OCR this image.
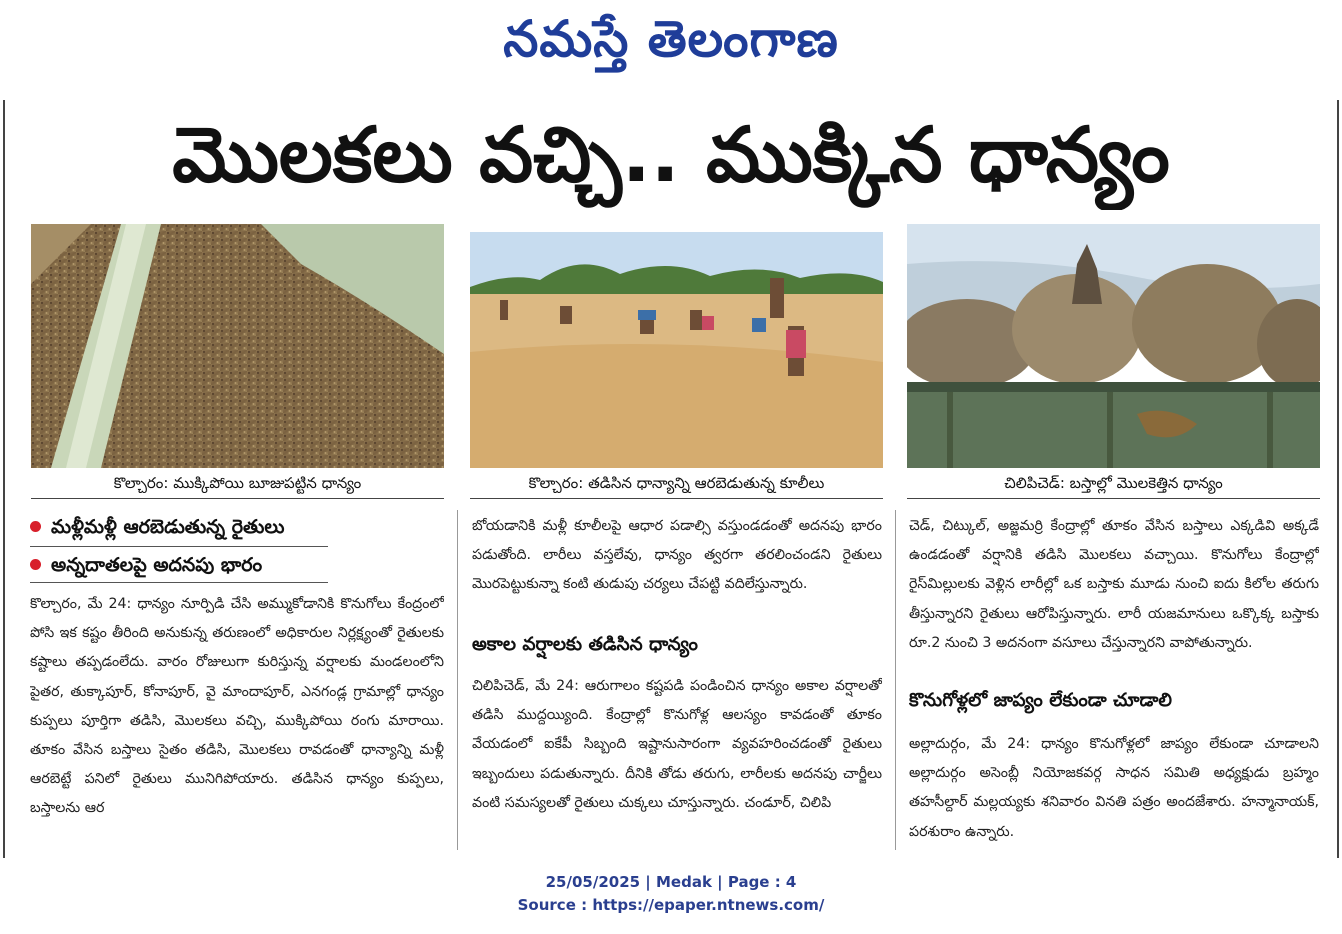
నమస్తే తెలంగాణ
మొలకలు వచ్చి.. ముక్కిన ధాన్యం
కొల్చారం: ముక్కిపోయి బూజుపట్టిన ధాన్యం	కొల్చారం: తడిసిన ధాన్యాన్ని ఆరబెడుతున్న కూలీలు	చిలిపిచెడ్: బస్తాల్లో మొలకెత్తిన ధాన్యం
మళ్లీమళ్లీ ఆరబెడుతున్న రైతులు
అన్నదాతలపై అదనపు భారం

కొల్చారం, మే 24: ధాన్యం నూర్పిడి చేసి అమ్ముకోడానికి కొనుగోలు కేంద్రంలో పోసి ఇక కష్టం తీరింది అనుకున్న తరుణంలో అధికారుల నిర్లక్ష్యంతో రైతులకు కష్టాలు తప్పడంలేదు. వారం రోజులుగా కురిస్తున్న వర్షాలకు మండలంలోని పైతర, తుక్కాపూర్, కోనాపూర్, వై మాందాపూర్, ఎనగండ్ల గ్రామాల్లో ధాన్యం కుప్పలు పూర్తిగా తడిసి, మొలకలు వచ్చి, ముక్కిపోయి రంగు మారాయి. తూకం వేసిన బస్తాలు సైతం తడిసి, మొలకలు రావడంతో ధాన్యాన్ని మళ్లీ ఆరబెట్టే పనిలో రైతులు మునిగిపోయారు. తడిసిన ధాన్యం కుప్పలు, బస్తాలను ఆర

బోయడానికి మళ్లీ కూలీలపై ఆధార పడాల్సి వస్తుండడంతో అదనపు భారం పడుతోంది. లారీలు వస్తలేవు, ధాన్యం త్వరగా తరలించండని రైతులు మొరపెట్టుకున్నా కంటి తుడుపు చర్యలు చేపట్టి వదిలేస్తున్నారు.

అకాల వర్షాలకు తడిసిన ధాన్యం

చిలిపిచెడ్, మే 24: ఆరుగాలం కష్టపడి పండించిన ధాన్యం అకాల వర్షాలతో తడిసి ముద్దయ్యింది. కేంద్రాల్లో కొనుగోళ్ల ఆలస్యం కావడంతో తూకం వేయడంలో ఐకేపీ సిబ్బంది ఇష్టానుసారంగా వ్యవహరించడంతో రైతులు ఇబ్బందులు పడుతున్నారు. దీనికి తోడు తరుగు, లారీలకు అదనపు చార్జీలు వంటి సమస్యలతో రైతులు చుక్కలు చూస్తున్నారు. చండూర్, చిలిపి

చెడ్, చిట్కుల్, అజ్జమర్రి కేంద్రాల్లో తూకం వేసిన బస్తాలు ఎక్కడివి అక్కడే ఉండడంతో వర్షానికి తడిసి మొలకలు వచ్చాయి. కొనుగోలు కేంద్రాల్లో రైస్‌మిల్లులకు వెళ్లిన లారీల్లో ఒక బస్తాకు మూడు నుంచి ఐదు కిలోల తరుగు తీస్తున్నారని రైతులు ఆరోపిస్తున్నారు. లారీ యజమానులు ఒక్కొక్క బస్తాకు రూ.2 నుంచి 3 అదనంగా వసూలు చేస్తున్నారని వాపోతున్నారు.

కొనుగోళ్లలో జాప్యం లేకుండా చూడాలి

అల్లాదుర్గం, మే 24: ధాన్యం కొనుగోళ్లలో జాప్యం లేకుండా చూడాలని అల్లాదుర్గం అసెంబ్లీ నియోజకవర్గ సాధన సమితి అధ్యక్షుడు బ్రహ్మం తహసీల్దార్ మల్లయ్యకు శనివారం వినతి పత్రం అందజేశారు. హన్మానాయక్, పరశురాం ఉన్నారు.

25/05/2025 | Medak | Page : 4
Source : https://epaper.ntnews.com/
